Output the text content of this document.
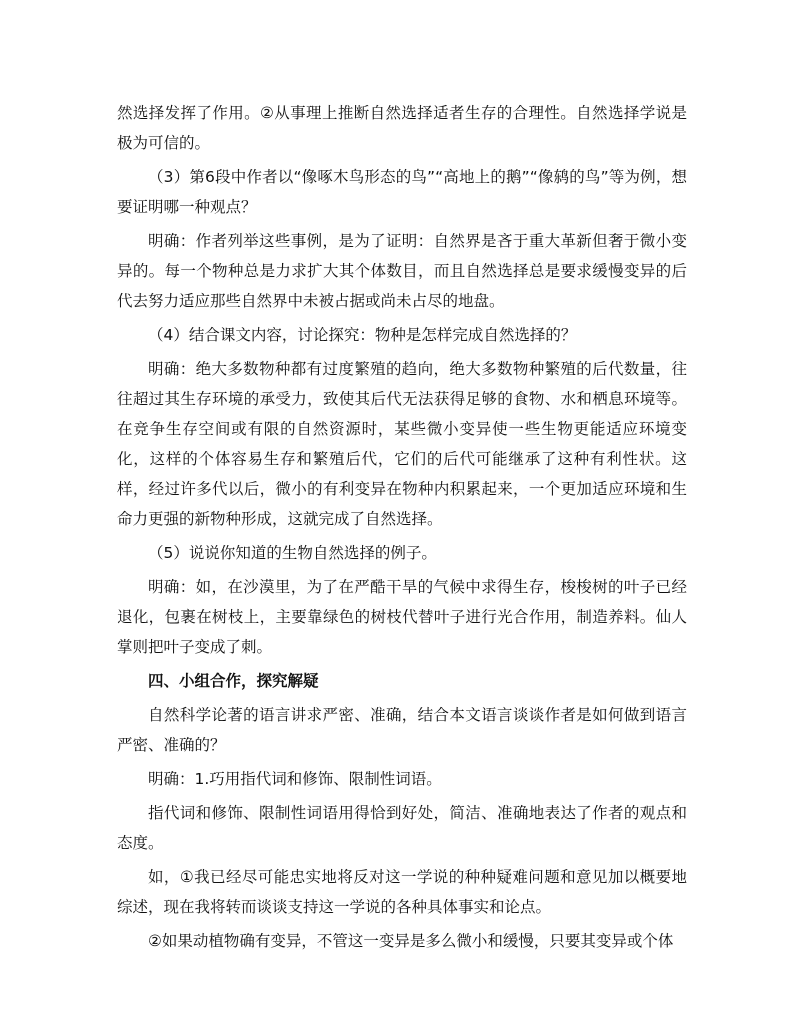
然选择发挥了作用。②从事理上推断自然选择适者生存的合理性。自然选择学说是极为可信的。

（3）第6段中作者以“像啄木鸟形态的鸟”“高地上的鹅”“像鸫的鸟”等为例，想要证明哪一种观点？

明确：作者列举这些事例，是为了证明：自然界是吝于重大革新但奢于微小变异的。每一个物种总是力求扩大其个体数目，而且自然选择总是要求缓慢变异的后代去努力适应那些自然界中未被占据或尚未占尽的地盘。

（4）结合课文内容，讨论探究：物种是怎样完成自然选择的？

明确：绝大多数物种都有过度繁殖的趋向，绝大多数物种繁殖的后代数量，往往超过其生存环境的承受力，致使其后代无法获得足够的食物、水和栖息环境等。在竞争生存空间或有限的自然资源时，某些微小变异使一些生物更能适应环境变化，这样的个体容易生存和繁殖后代，它们的后代可能继承了这种有利性状。这样，经过许多代以后，微小的有利变异在物种内积累起来，一个更加适应环境和生命力更强的新物种形成，这就完成了自然选择。

（5）说说你知道的生物自然选择的例子。

明确：如，在沙漠里，为了在严酷干旱的气候中求得生存，梭梭树的叶子已经退化，包裹在树枝上，主要靠绿色的树枝代替叶子进行光合作用，制造养料。仙人掌则把叶子变成了刺。

四、小组合作，探究解疑

自然科学论著的语言讲求严密、准确，结合本文语言谈谈作者是如何做到语言严密、准确的？

明确：1.巧用指代词和修饰、限制性词语。

指代词和修饰、限制性词语用得恰到好处，简洁、准确地表达了作者的观点和态度。

如，①我已经尽可能忠实地将反对这一学说的种种疑难问题和意见加以概要地综述，现在我将转而谈谈支持这一学说的各种具体事实和论点。

②如果动植物确有变异，不管这一变异是多么微小和缓慢，只要其变异或个体
